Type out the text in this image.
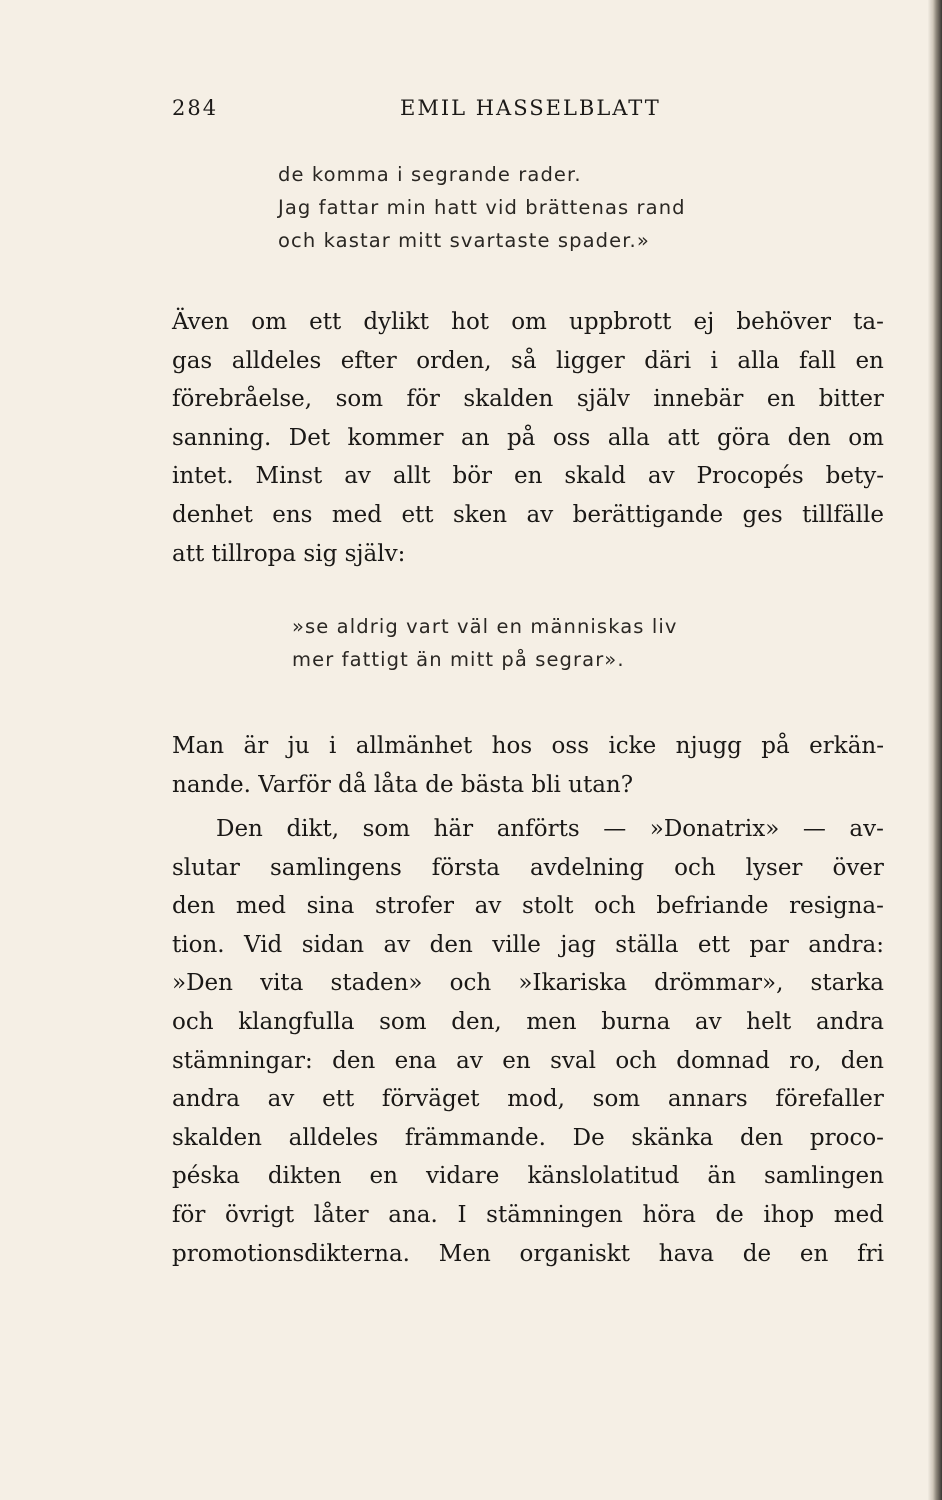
284	EMIL HASSELBLATT
de komma i segrande rader.
Jag fattar min hatt vid brättenas rand
och kastar mitt svartaste spader.»
Även om ett dylikt hot om uppbrott ej behöver ta-
gas alldeles efter orden, så ligger däri i alla fall en
förebråelse, som för skalden själv innebär en bitter
sanning. Det kommer an på oss alla att göra den om
intet. Minst av allt bör en skald av Procopés bety-
denhet ens med ett sken av berättigande ges tillfälle
att tillropa sig själv:
»se aldrig vart väl en människas liv
mer fattigt än mitt på segrar».
Man är ju i allmänhet hos oss icke njugg på erkän-
nande. Varför då låta de bästa bli utan?
Den dikt, som här anförts — »Donatrix» — av-
slutar samlingens första avdelning och lyser över
den med sina strofer av stolt och befriande resigna-
tion. Vid sidan av den ville jag ställa ett par andra:
»Den vita staden» och »Ikariska drömmar», starka
och klangfulla som den, men burna av helt andra
stämningar: den ena av en sval och domnad ro, den
andra av ett förväget mod, som annars förefaller
skalden alldeles främmande. De skänka den proco-
péska dikten en vidare känslolatitud än samlingen
för övrigt låter ana. I stämningen höra de ihop med
promotionsdikterna. Men organiskt hava de en fri
